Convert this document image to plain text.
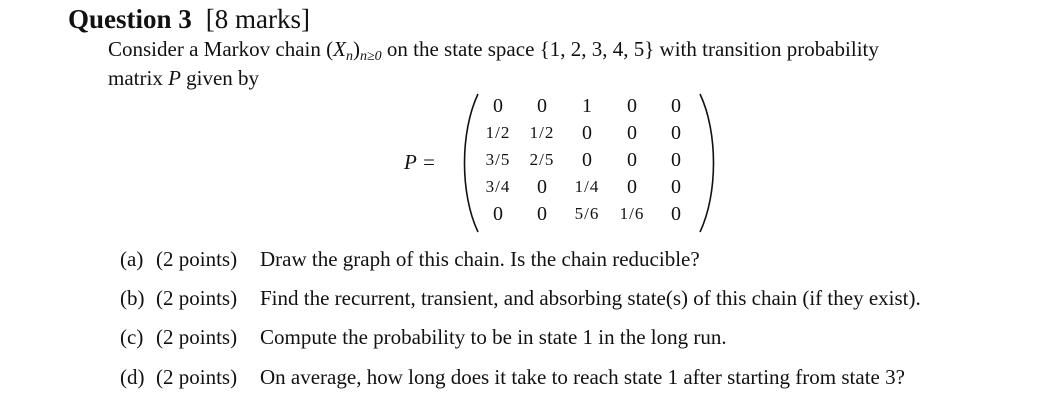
Question 3 [8 marks]
Consider a Markov chain $(X_n)_{n\ge 0}$ on the state space {1, 2, 3, 4, 5} with transition probability
matrix P given by
P =
0	0	1	0	0
1/2	1/2	0	0	0
3/5	2/5	0	0	0
3/4	0	1/4	0	0
0	0	5/6	1/6	0
(a) (2 points) Draw the graph of this chain. Is the chain reducible?
(b) (2 points) Find the recurrent, transient, and absorbing state(s) of this chain (if they exist).
(c) (2 points) Compute the probability to be in state 1 in the long run.
(d) (2 points) On average, how long does it take to reach state 1 after starting from state 3?
